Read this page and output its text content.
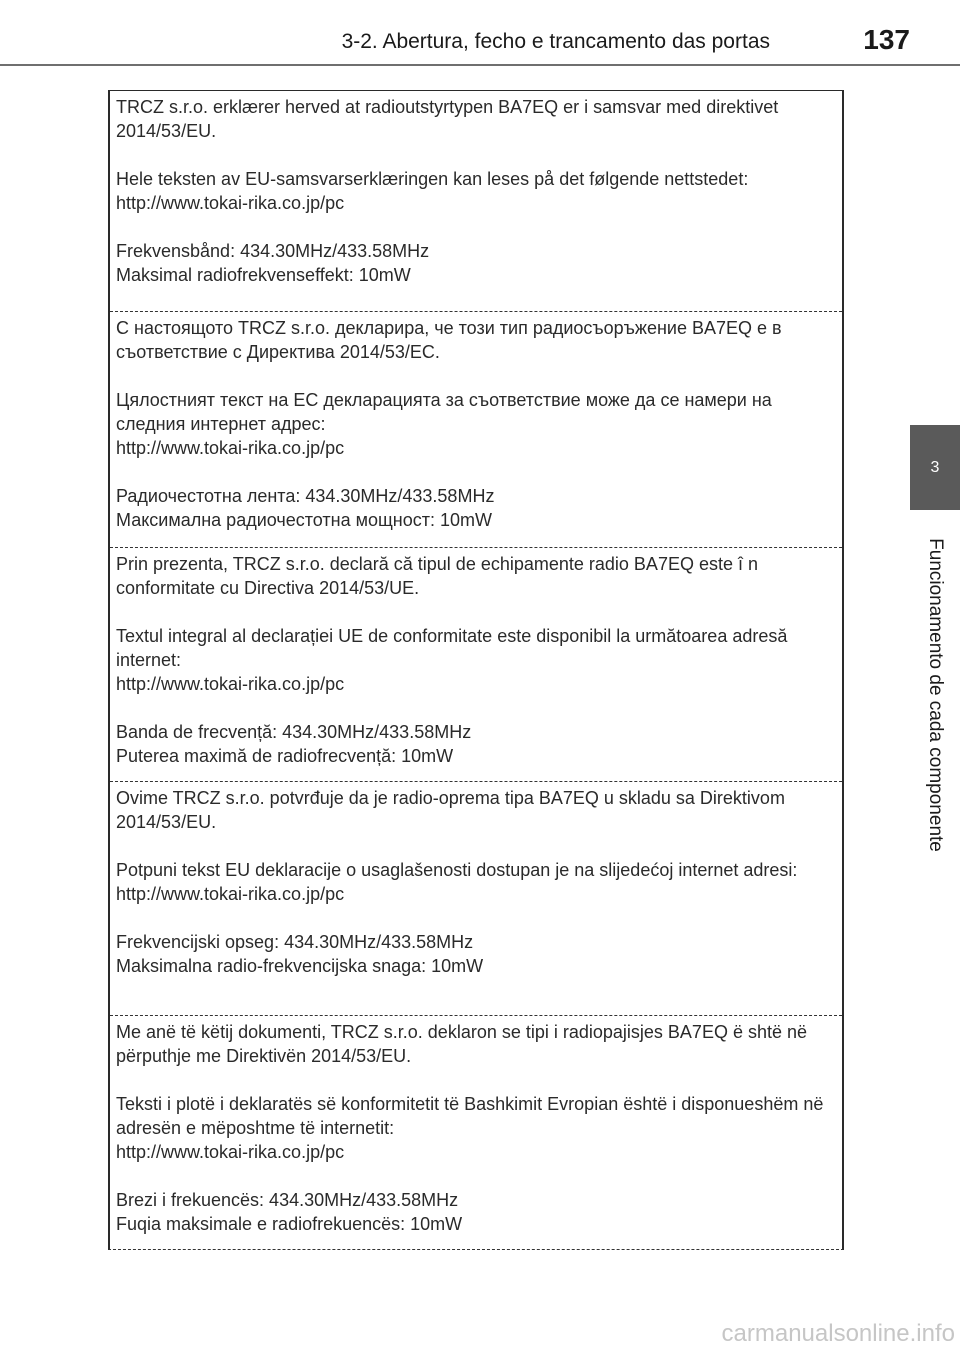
3-2. Abertura, fecho e trancamento das portas	137
3
Funcionamento de cada componente

TRCZ s.r.o. erklærer herved at radioutstyrtypen BA7EQ er i samsvar med direktivet 2014/53/EU.

Hele teksten av EU-samsvarserklæringen kan leses på det følgende nettstedet: http://www.tokai-rika.co.jp/pc

Frekvensbånd: 434.30MHz/433.58MHz
Maksimal radiofrekvenseffekt: 10mW

С настоящото TRCZ s.r.o. декларира, че този тип радиосъоръжение BA7EQ е в съответствие с Директива 2014/53/ЕС.

Цялостният текст на ЕС декларацията за съответствие може да се намери на следния интернет адрес:
http://www.tokai-rika.co.jp/pc

Радиочестотна лента: 434.30MHz/433.58MHz
Максимална радиочестотна мощност: 10mW

Prin prezenta, TRCZ s.r.o. declară că tipul de echipamente radio BA7EQ este î n conformitate cu Directiva 2014/53/UE.

Textul integral al declarației UE de conformitate este disponibil la următoarea adresă internet:
http://www.tokai-rika.co.jp/pc

Banda de frecvență: 434.30MHz/433.58MHz
Puterea maximă de radiofrecvență: 10mW

Ovime TRCZ s.r.o. potvrđuje da je radio-oprema tipa BA7EQ u skladu sa Direktivom 2014/53/EU.

Potpuni tekst EU deklaracije o usaglašenosti dostupan je na slijedećoj internet adresi:
http://www.tokai-rika.co.jp/pc

Frekvencijski opseg: 434.30MHz/433.58MHz
Maksimalna radio-frekvencijska snaga: 10mW

Me anë të këtij dokumenti, TRCZ s.r.o. deklaron se tipi i radiopajisjes BA7EQ ë shtë në përputhje me Direktivën 2014/53/EU.

Teksti i plotë i deklaratës së konformitetit të Bashkimit Evropian është i disponueshëm në adresën e mëposhtme të internetit:
http://www.tokai-rika.co.jp/pc

Brezi i frekuencës: 434.30MHz/433.58MHz
Fuqia maksimale e radiofrekuencës: 10mW

carmanualsonline.info
